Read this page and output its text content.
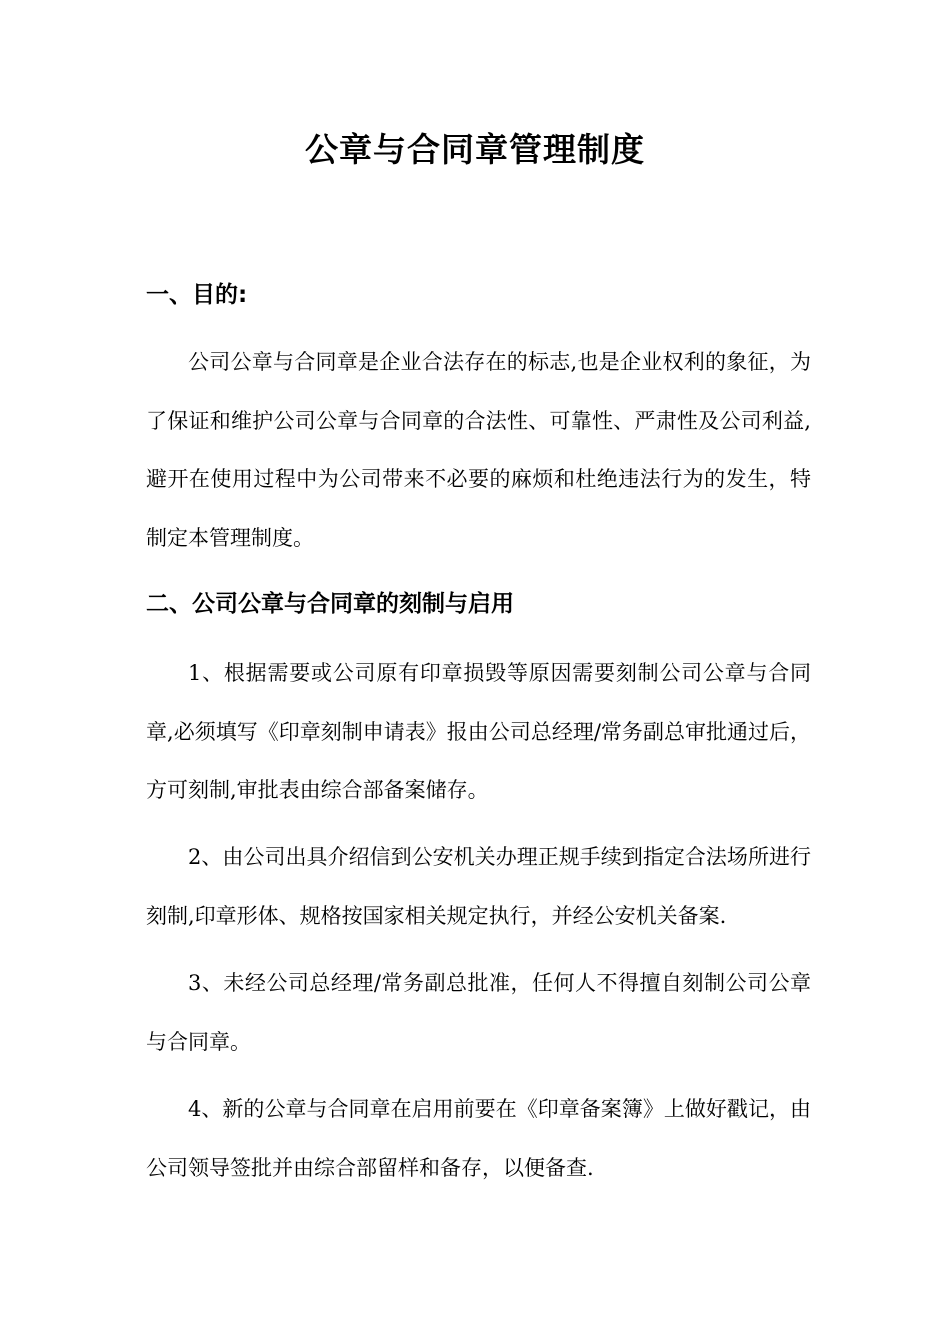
公章与合同章管理制度
一、目的:
公司公章与合同章是企业合法存在的标志,也是企业权利的象征，为了保证和维护公司公章与合同章的合法性、可靠性、严肃性及公司利益,避开在使用过程中为公司带来不必要的麻烦和杜绝违法行为的发生，特制定本管理制度。
二、公司公章与合同章的刻制与启用
1、根据需要或公司原有印章损毁等原因需要刻制公司公章与合同章,必须填写《印章刻制申请表》报由公司总经理/常务副总审批通过后，方可刻制,审批表由综合部备案储存。
2、由公司出具介绍信到公安机关办理正规手续到指定合法场所进行刻制,印章形体、规格按国家相关规定执行，并经公安机关备案.
3、未经公司总经理/常务副总批准，任何人不得擅自刻制公司公章与合同章。
4、新的公章与合同章在启用前要在《印章备案簿》上做好戳记，由公司领导签批并由综合部留样和备存，以便备查.
